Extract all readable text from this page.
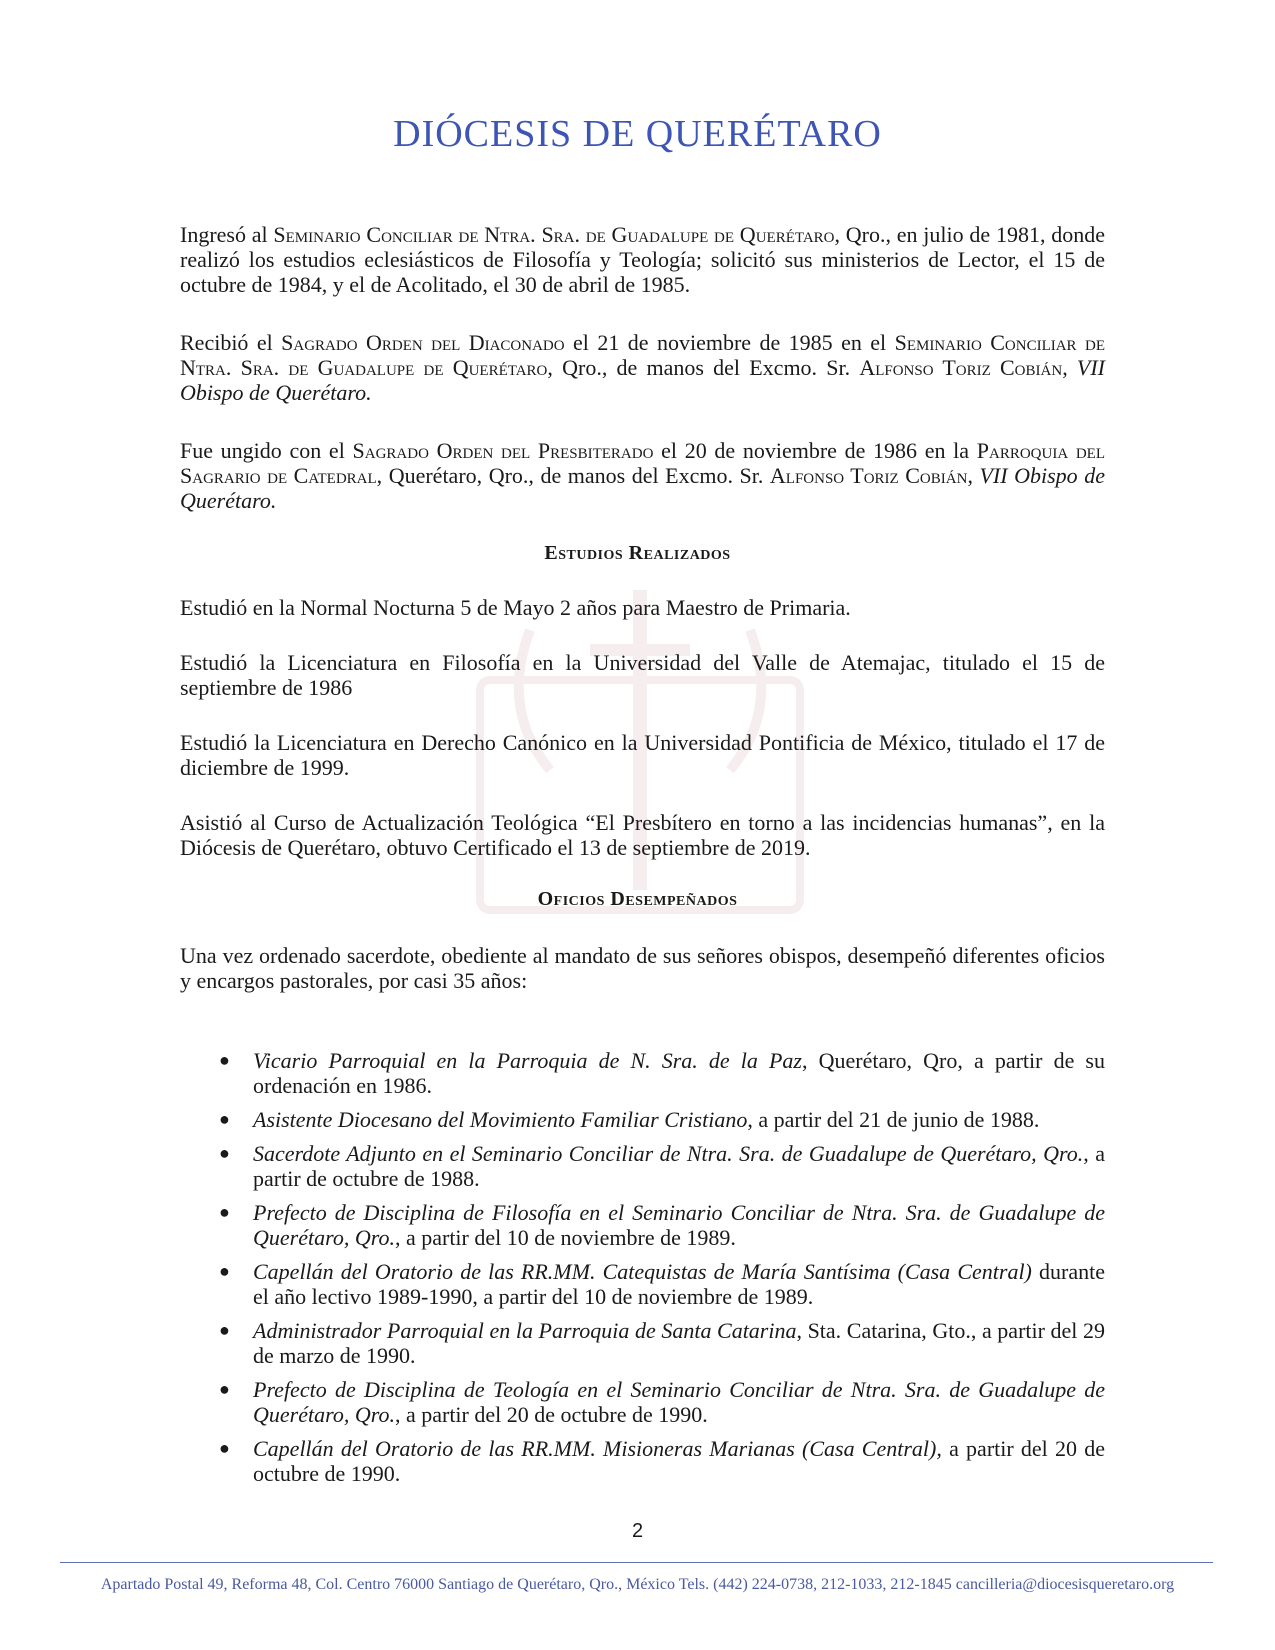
DIÓCESIS DE QUERÉTARO

Ingresó al Seminario Conciliar de Ntra. Sra. de Guadalupe de Querétaro, Qro., en julio de 1981, donde realizó los estudios eclesiásticos de Filosofía y Teología; solicitó sus ministerios de Lector, el 15 de octubre de 1984, y el de Acolitado, el 30 de abril de 1985.

Recibió el Sagrado Orden del Diaconado el 21 de noviembre de 1985 en el Seminario Conciliar de Ntra. Sra. de Guadalupe de Querétaro, Qro., de manos del Excmo. Sr. Alfonso Toriz Cobián, VII Obispo de Querétaro.

Fue ungido con el Sagrado Orden del Presbiterado el 20 de noviembre de 1986 en la Parroquia del Sagrario de Catedral, Querétaro, Qro., de manos del Excmo. Sr. Alfonso Toriz Cobián, VII Obispo de Querétaro.

Estudios Realizados

Estudió en la Normal Nocturna 5 de Mayo 2 años para Maestro de Primaria.

Estudió la Licenciatura en Filosofía en la Universidad del Valle de Atemajac, titulado el 15 de septiembre de 1986

Estudió la Licenciatura en Derecho Canónico en la Universidad Pontificia de México, titulado el 17 de diciembre de 1999.

Asistió al Curso de Actualización Teológica “El Presbítero en torno a las incidencias humanas”, en la Diócesis de Querétaro, obtuvo Certificado el 13 de septiembre de 2019.

Oficios Desempeñados

Una vez ordenado sacerdote, obediente al mandato de sus señores obispos, desempeñó diferentes oficios y encargos pastorales, por casi 35 años:

● Vicario Parroquial en la Parroquia de N. Sra. de la Paz, Querétaro, Qro, a partir de su ordenación en 1986.
● Asistente Diocesano del Movimiento Familiar Cristiano, a partir del 21 de junio de 1988.
● Sacerdote Adjunto en el Seminario Conciliar de Ntra. Sra. de Guadalupe de Querétaro, Qro., a partir de octubre de 1988.
● Prefecto de Disciplina de Filosofía en el Seminario Conciliar de Ntra. Sra. de Guadalupe de Querétaro, Qro., a partir del 10 de noviembre de 1989.
● Capellán del Oratorio de las RR.MM. Catequistas de María Santísima (Casa Central) durante el año lectivo 1989-1990, a partir del 10 de noviembre de 1989.
● Administrador Parroquial en la Parroquia de Santa Catarina, Sta. Catarina, Gto., a partir del 29 de marzo de 1990.
● Prefecto de Disciplina de Teología en el Seminario Conciliar de Ntra. Sra. de Guadalupe de Querétaro, Qro., a partir del 20 de octubre de 1990.
● Capellán del Oratorio de las RR.MM. Misioneras Marianas (Casa Central), a partir del 20 de octubre de 1990.
2
Apartado Postal 49, Reforma 48, Col. Centro 76000 Santiago de Querétaro, Qro., México Tels. (442) 224-0738, 212-1033, 212-1845 cancilleria@diocesisqueretaro.org
